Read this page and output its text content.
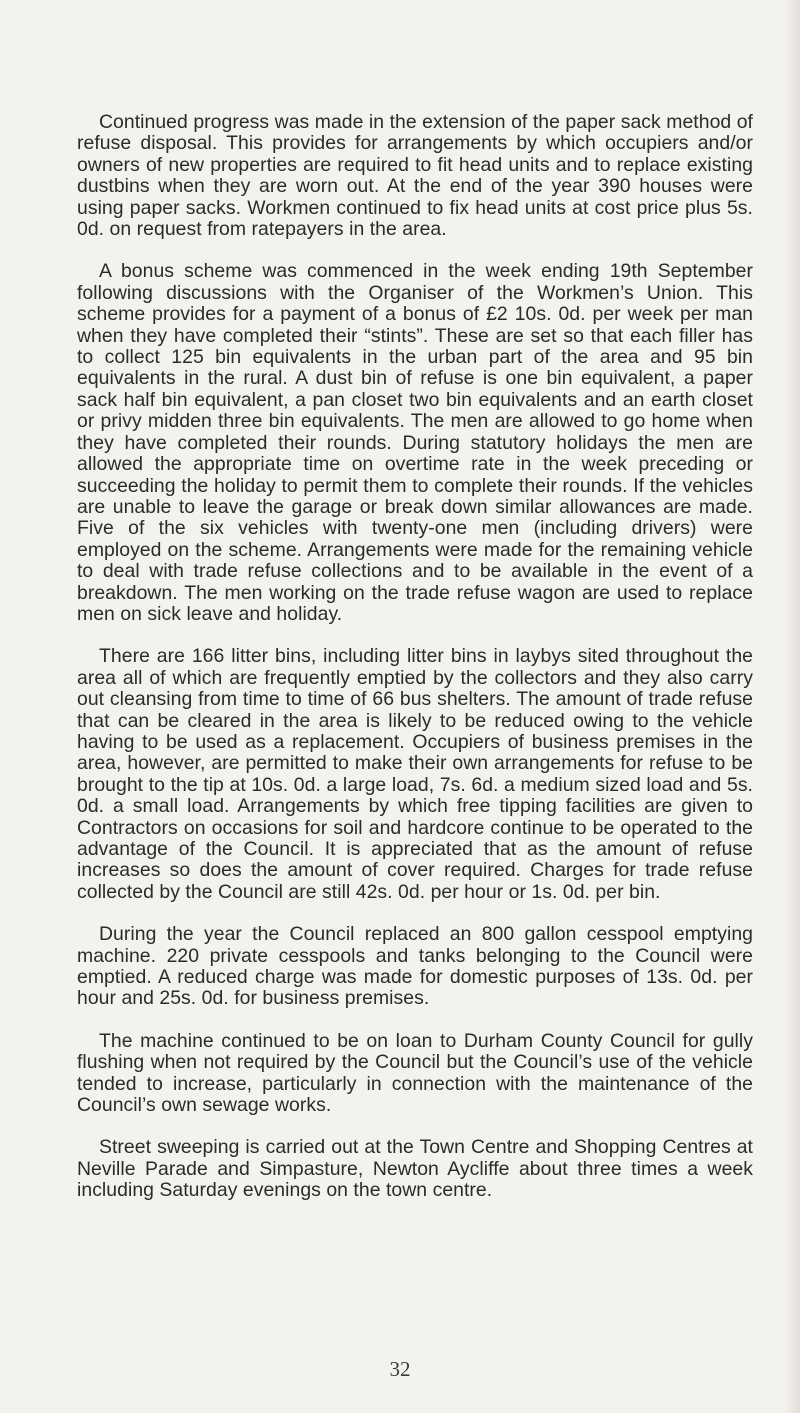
Continued progress was made in the extension of the paper sack method of refuse disposal. This provides for arrangements by which occupiers and/or owners of new properties are required to fit head units and to replace existing dustbins when they are worn out. At the end of the year 390 houses were using paper sacks. Workmen continued to fix head units at cost price plus 5s. 0d. on request from ratepayers in the area.

A bonus scheme was commenced in the week ending 19th September following discussions with the Organiser of the Workmen’s Union. This scheme provides for a payment of a bonus of £2 10s. 0d. per week per man when they have completed their “stints”. These are set so that each filler has to collect 125 bin equivalents in the urban part of the area and 95 bin equivalents in the rural. A dust bin of refuse is one bin equivalent, a paper sack half bin equivalent, a pan closet two bin equivalents and an earth closet or privy midden three bin equivalents. The men are allowed to go home when they have completed their rounds. During statutory holidays the men are allowed the appropriate time on overtime rate in the week preceding or succeeding the holiday to permit them to complete their rounds. If the vehicles are unable to leave the garage or break down similar allowances are made. Five of the six vehicles with twenty-one men (including drivers) were employed on the scheme. Arrangements were made for the remaining vehicle to deal with trade refuse collections and to be available in the event of a breakdown. The men working on the trade refuse wagon are used to replace men on sick leave and holiday.

There are 166 litter bins, including litter bins in laybys sited throughout the area all of which are frequently emptied by the collectors and they also carry out cleansing from time to time of 66 bus shelters. The amount of trade refuse that can be cleared in the area is likely to be reduced owing to the vehicle having to be used as a replacement. Occupiers of business premises in the area, however, are permitted to make their own arrangements for refuse to be brought to the tip at 10s. 0d. a large load, 7s. 6d. a medium sized load and 5s. 0d. a small load. Arrangements by which free tipping facilities are given to Contractors on occasions for soil and hardcore continue to be operated to the advantage of the Council. It is appreciated that as the amount of refuse increases so does the amount of cover required. Charges for trade refuse collected by the Council are still 42s. 0d. per hour or 1s. 0d. per bin.

During the year the Council replaced an 800 gallon cesspool emptying machine. 220 private cesspools and tanks belonging to the Council were emptied. A reduced charge was made for domestic purposes of 13s. 0d. per hour and 25s. 0d. for business premises.

The machine continued to be on loan to Durham County Council for gully flushing when not required by the Council but the Council’s use of the vehicle tended to increase, particularly in connection with the maintenance of the Council’s own sewage works.

Street sweeping is carried out at the Town Centre and Shopping Centres at Neville Parade and Simpasture, Newton Aycliffe about three times a week including Saturday evenings on the town centre.

32
